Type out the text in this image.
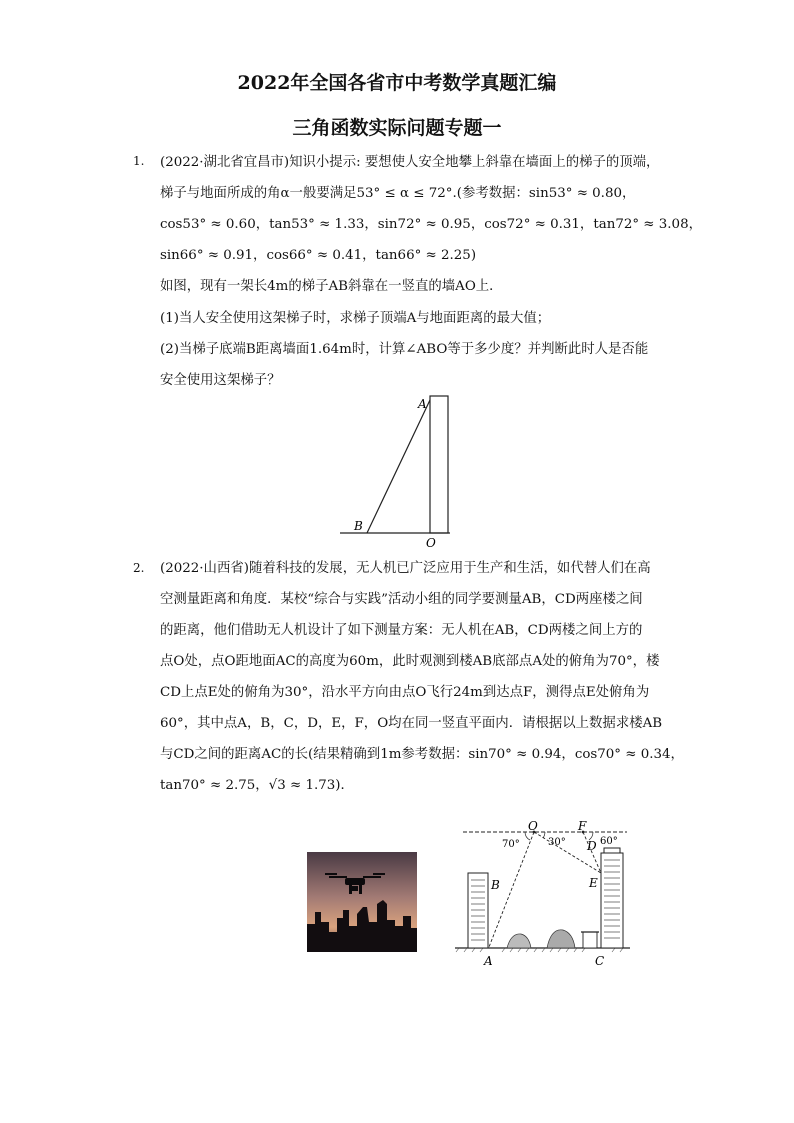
2022年全国各省市中考数学真题汇编
三角函数实际问题专题一
1. (2022·湖北省宜昌市)知识小提示: 要想使人安全地攀上斜靠在墙面上的梯子的顶端，
梯子与地面所成的角α一般要满足53° ≤ α ≤ 72°.(参考数据：sin53° ≈ 0.80，
cos53° ≈ 0.60，tan53° ≈ 1.33，sin72° ≈ 0.95，cos72° ≈ 0.31，tan72° ≈ 3.08，
sin66° ≈ 0.91，cos66° ≈ 0.41，tan66° ≈ 2.25)
如图，现有一架长4m的梯子AB斜靠在一竖直的墙AO上．
(1)当人安全使用这架梯子时，求梯子顶端A与地面距离的最大值；
(2)当梯子底端B距离墙面1.64m时，计算∠ABO等于多少度？并判断此时人是否能
安全使用这架梯子？
A
B
O
2. (2022·山西省)随着科技的发展，无人机已广泛应用于生产和生活，如代替人们在高
空测量距离和角度．某校“综合与实践”活动小组的同学要测量AB，CD两座楼之间
的距离，他们借助无人机设计了如下测量方案：无人机在AB，CD两楼之间上方的
点O处，点O距地面AC的高度为60m，此时观测到楼AB底部点A处的俯角为70°，楼
CD上点E处的俯角为30°，沿水平方向由点O飞行24m到达点F，测得点E处俯角为
60°，其中点A，B，C，D，E，F，O均在同一竖直平面内．请根据以上数据求楼AB
与CD之间的距离AC的长(结果精确到1m参考数据：sin70° ≈ 0.94，cos70° ≈ 0.34，
tan70° ≈ 2.75，√3 ≈ 1.73)．
O	F
D
E
B
A	C
70°	30°	60°
